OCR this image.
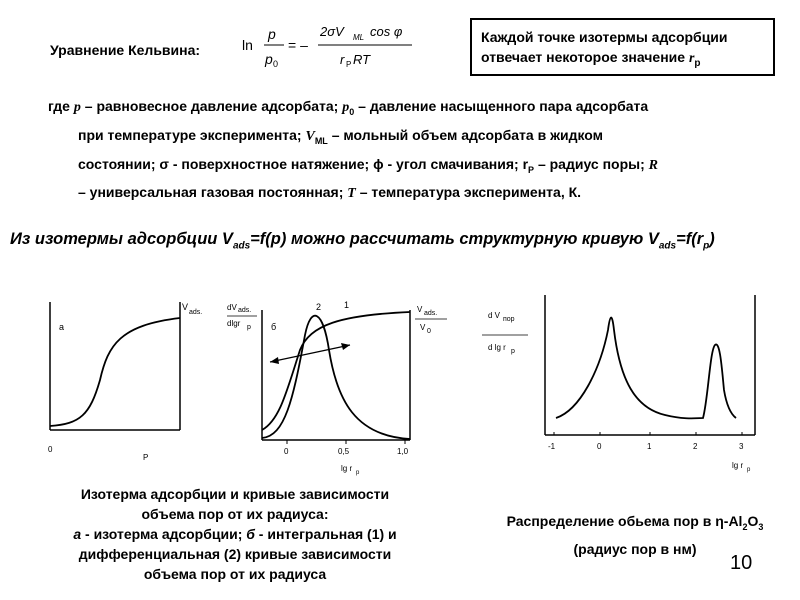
Уравнение Кельвина:	ln
p
p 0
= –
2σV ML cos φ
r P RT
Каждой точке изотермы адсорбции
отвечает некоторое значение $r_p$

где p – равновесное давление адсорбата; $p_0$ – давление насыщенного пара адсорбата

при температуре эксперимента; $V_{ML}$ – мольный объем адсорбата в жидком

состоянии; σ - поверхностное натяжение; ϕ - угол смачивания; $r_P$ – радиус поры; R

– универсальная газовая постоянная; T – температура эксперимента, К.

Из изотермы адсорбции $V_{ads}=f(p)$ можно рассчитать структурную кривую $V_{ads}=f(r_p)$
а
V
ads.
0
P
dV ads.
dlgr p б
2	1	V ads.
V 0
0	0,5	1,0
lg r p
d V пор
d lg r p
-1	0	1	2	3
lg r p
Изотерма адсорбции и кривые зависимости
объема пор от их радиуса:
а - изотерма адсорбции; б - интегральная (1) и
дифференциальная (2) кривые зависимости
объема пор от их радиуса
Распределение обьема пор в $\eta-Al_2O_3$
(радиус пор в нм)
10
